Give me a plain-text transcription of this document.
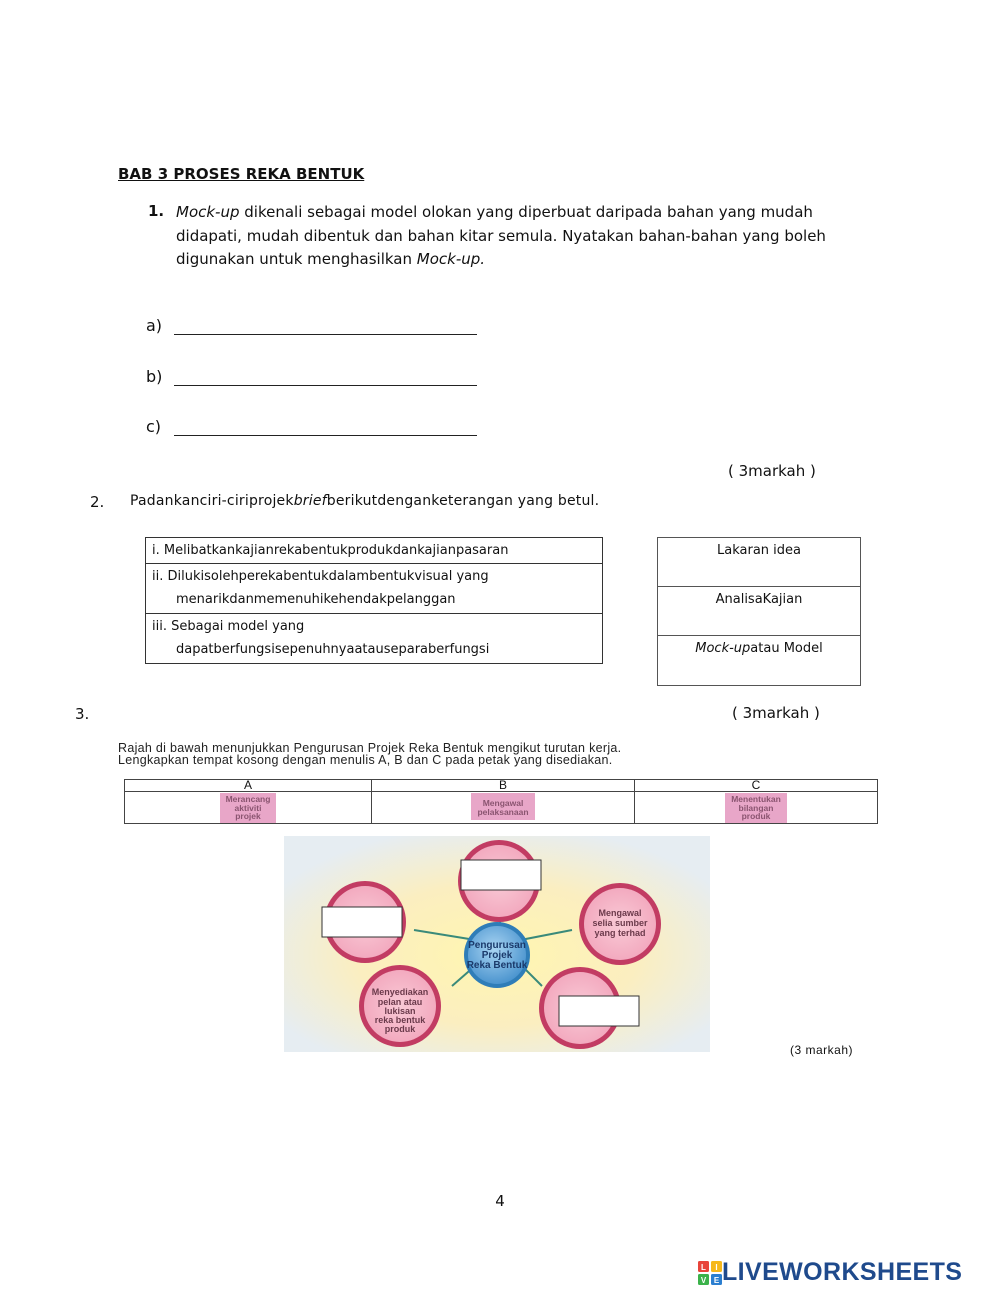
BAB 3 PROSES REKA BENTUK
1. Mock-up dikenali sebagai model olokan yang diperbuat daripada bahan yang mudah didapati, mudah dibentuk dan bahan kitar semula. Nyatakan bahan-bahan yang boleh digunakan untuk menghasilkan Mock-up.
a)
b)
c)
( 3markah )
2. Padankanciri-ciriprojekbriefberikutdenganketerangan yang betul.
i. Melibatkankajianrekabentukprodukdankajianpasaran
ii. Dilukisolehperekabentukdalambentukvisual yang
menarikdanmemenuhikehendakpelanggan
iii. Sebagai model yang
dapatberfungsisepenuhnyaatauseparaberfungsi
Lakaran idea
AnalisaKajian
Mock-upatau Model
3.	( 3markah )
Rajah di bawah menunjukkan Pengurusan Projek Reka Bentuk mengikut turutan kerja.
Lengkapkan tempat kosong dengan menulis A, B dan C pada petak yang disediakan.
A	B	C
Merancang
aktiviti
projek	Mengawal
pelaksanaan	Menentukan
bilangan
produk
Mengawal
selia sumber
yang terhad
Menyediakan
pelan atau
lukisan
reka bentuk
produk
Pengurusan
Projek
Reka Bentuk
(3 markah)
4
L I
V E LIVEWORKSHEETS
